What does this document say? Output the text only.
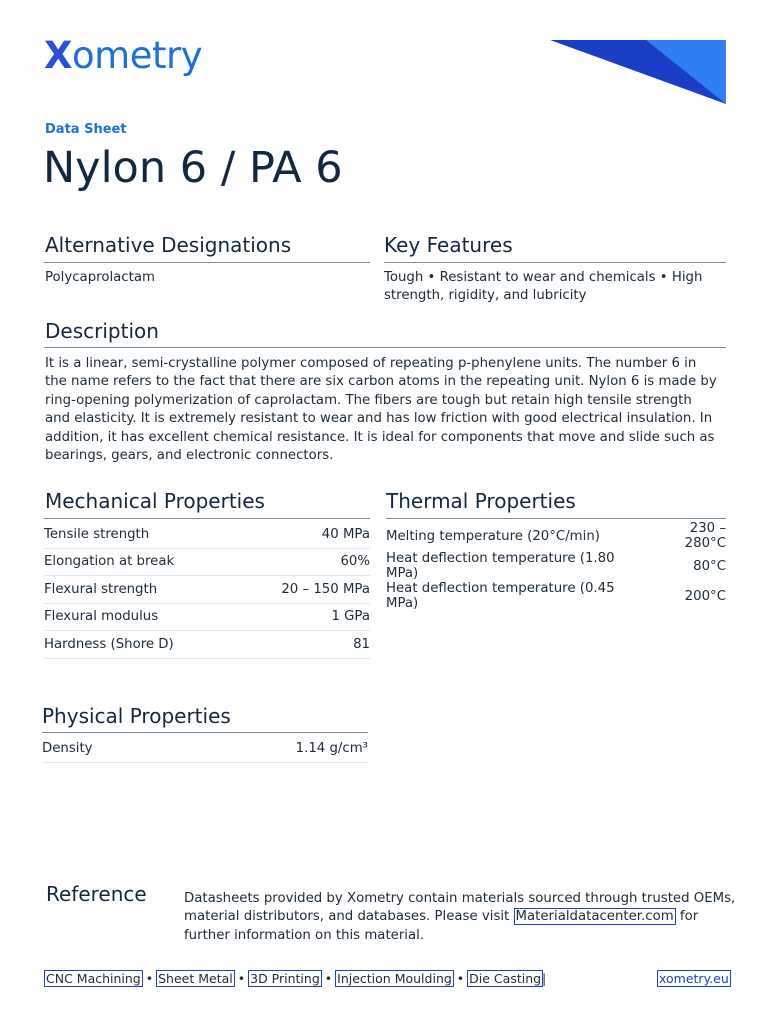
Xometry
Data Sheet
Nylon 6 / PA 6
Alternative Designations
Polycaprolactam
Key Features
Tough • Resistant to wear and chemicals • High strength, rigidity, and lubricity
Description
It is a linear, semi-crystalline polymer composed of repeating p-phenylene units. The number 6 in the name refers to the fact that there are six carbon atoms in the repeating unit. Nylon 6 is made by ring-opening polymerization of caprolactam. The fibers are tough but retain high tensile strength and elasticity. It is extremely resistant to wear and has low friction with good electrical insulation. In addition, it has excellent chemical resistance. It is ideal for components that move and slide such as bearings, gears, and electronic connectors.
Mechanical Properties
Tensile strength	40 MPa
Elongation at break	60%
Flexural strength	20 – 150 MPa
Flexural modulus	1 GPa
Hardness (Shore D)	81
Thermal Properties
Melting temperature (20°C/min)	230 – 280°C
Heat deflection temperature (1.80 MPa)	80°C
Heat deflection temperature (0.45 MPa)	200°C
Physical Properties
Density	1.14 g/cm³
Reference	Datasheets provided by Xometry contain materials sourced through trusted OEMs, material distributors, and databases. Please visit Materialdatacenter.com for further information on this material.
CNC Machining • Sheet Metal • 3D Printing • Injection Moulding • Die Casting |	xometry.eu
